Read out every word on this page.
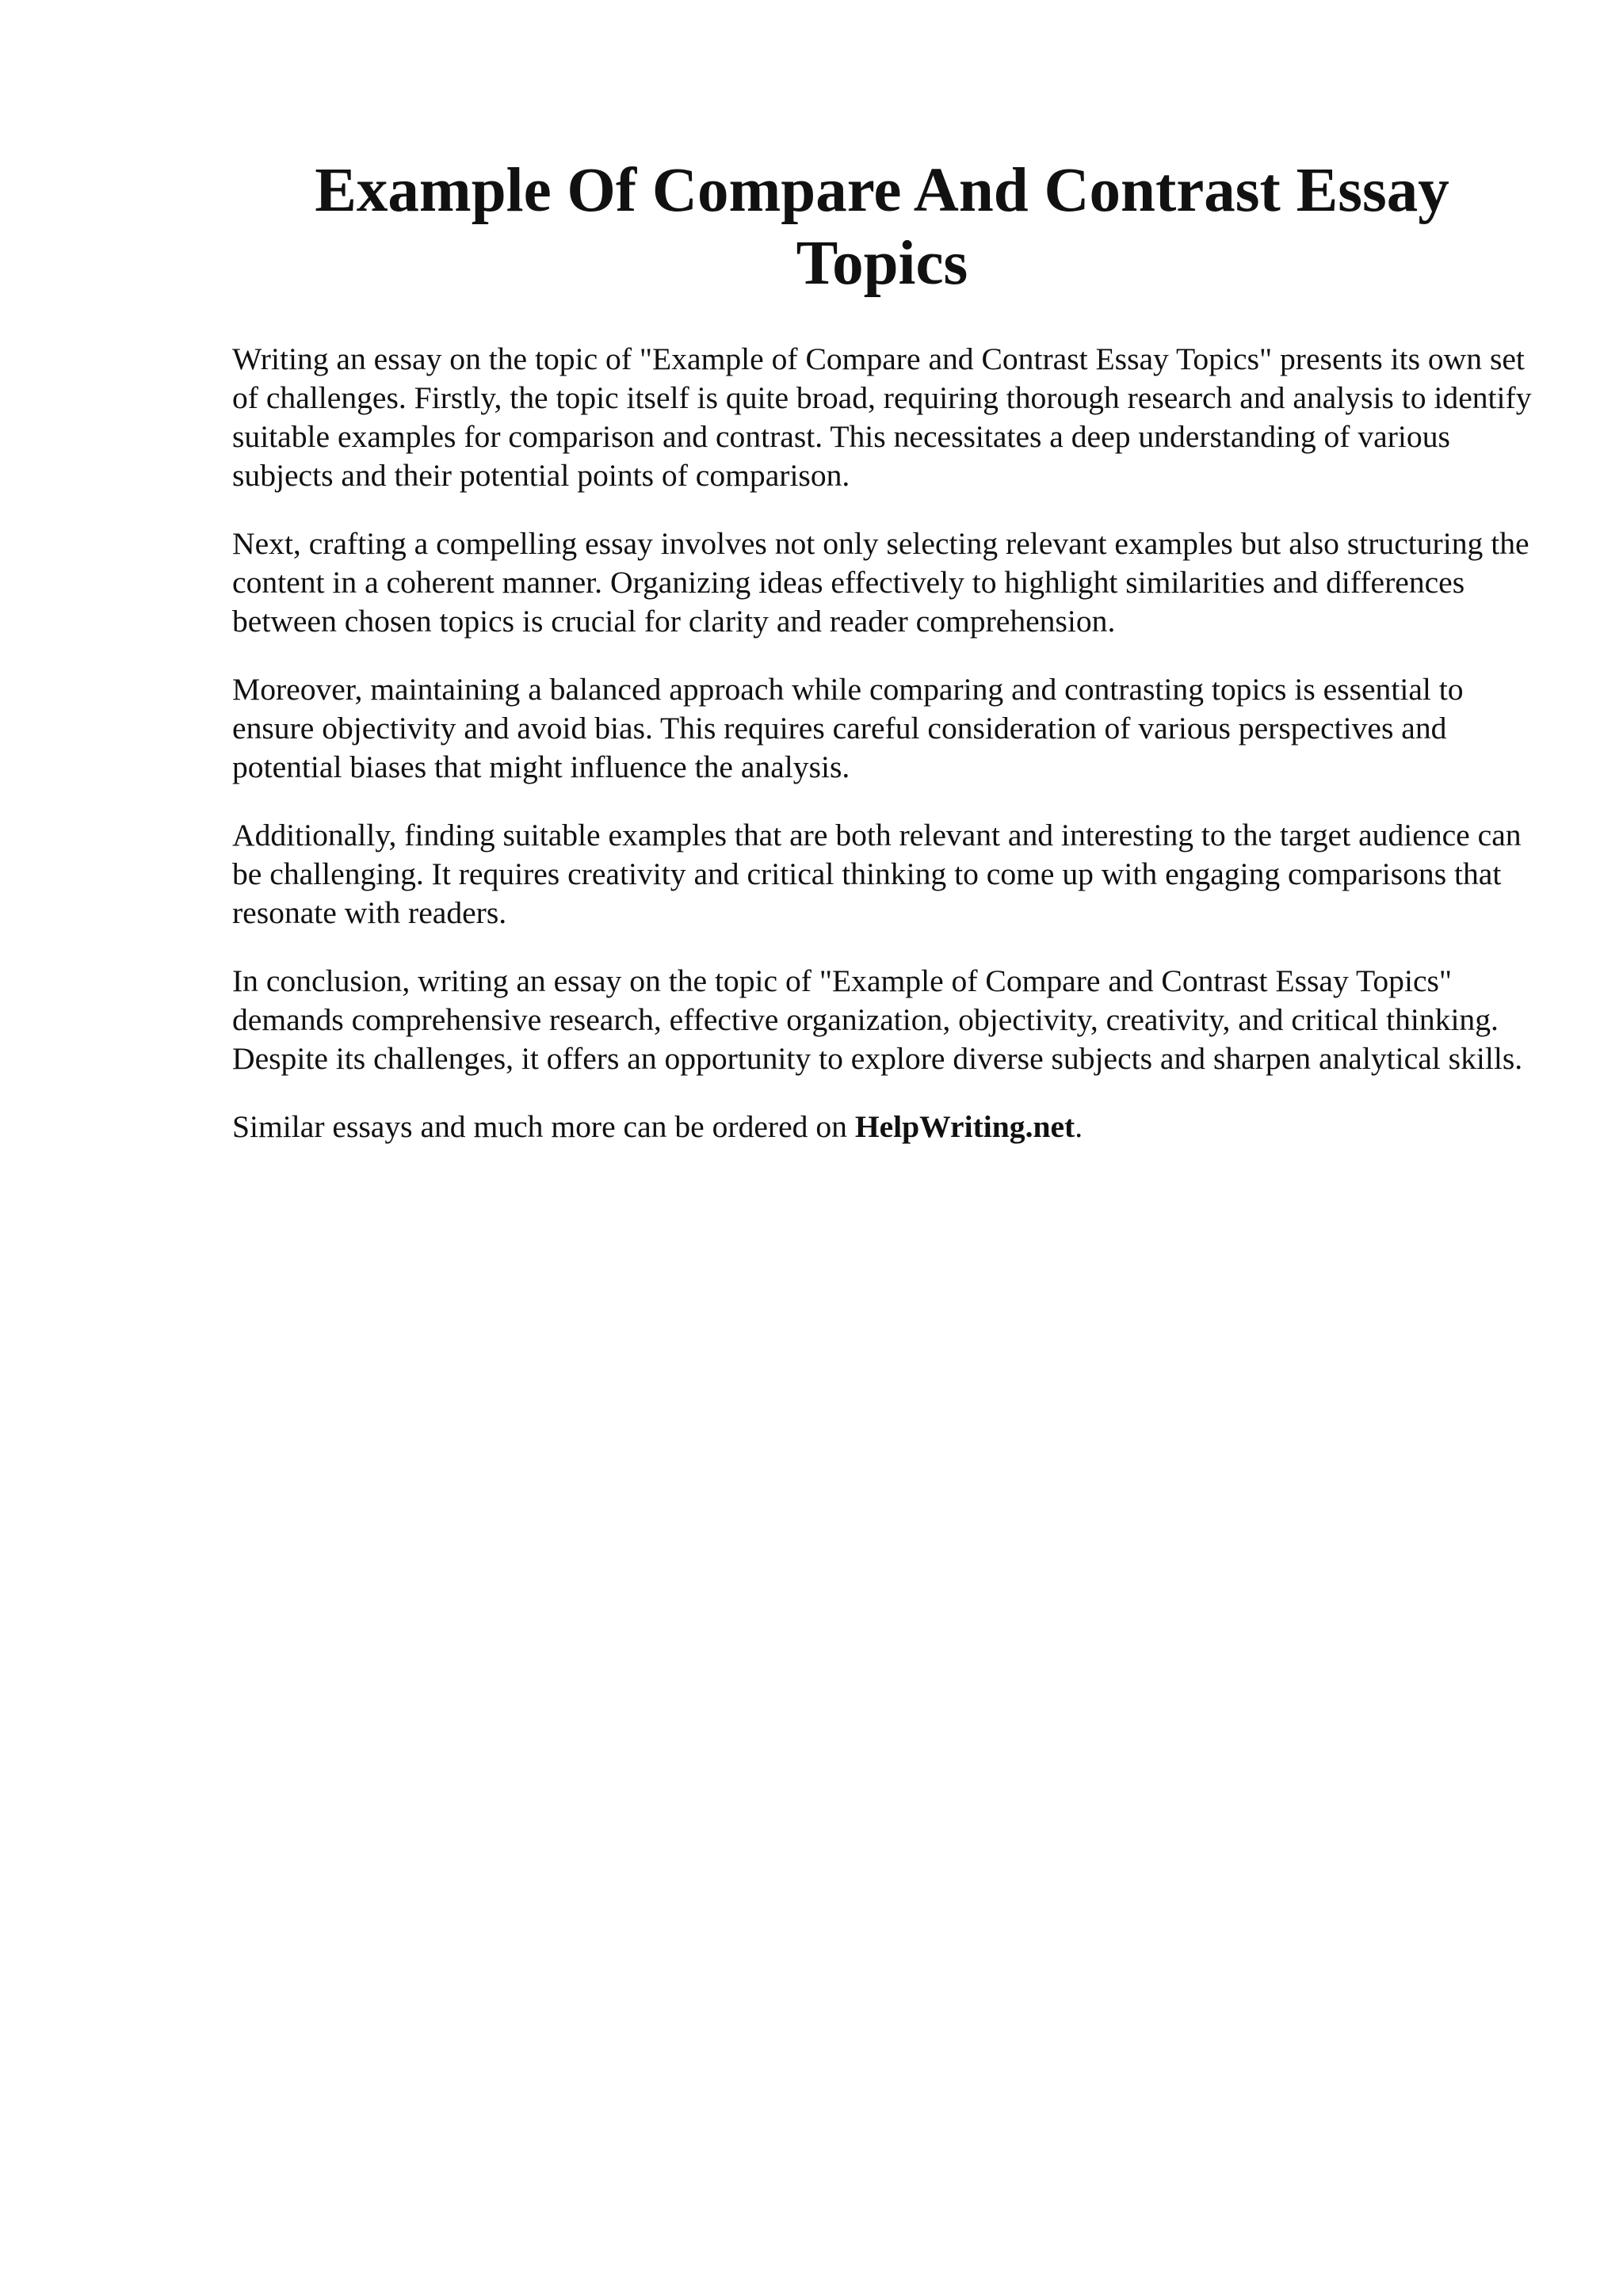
Example Of Compare And Contrast Essay Topics

Writing an essay on the topic of "Example of Compare and Contrast Essay Topics" presents its own set of challenges. Firstly, the topic itself is quite broad, requiring thorough research and analysis to identify suitable examples for comparison and contrast. This necessitates a deep understanding of various subjects and their potential points of comparison.

Next, crafting a compelling essay involves not only selecting relevant examples but also structuring the content in a coherent manner. Organizing ideas effectively to highlight similarities and differences between chosen topics is crucial for clarity and reader comprehension.

Moreover, maintaining a balanced approach while comparing and contrasting topics is essential to ensure objectivity and avoid bias. This requires careful consideration of various perspectives and potential biases that might influence the analysis.

Additionally, finding suitable examples that are both relevant and interesting to the target audience can be challenging. It requires creativity and critical thinking to come up with engaging comparisons that resonate with readers.

In conclusion, writing an essay on the topic of "Example of Compare and Contrast Essay Topics" demands comprehensive research, effective organization, objectivity, creativity, and critical thinking. Despite its challenges, it offers an opportunity to explore diverse subjects and sharpen analytical skills.

Similar essays and much more can be ordered on HelpWriting.net.
